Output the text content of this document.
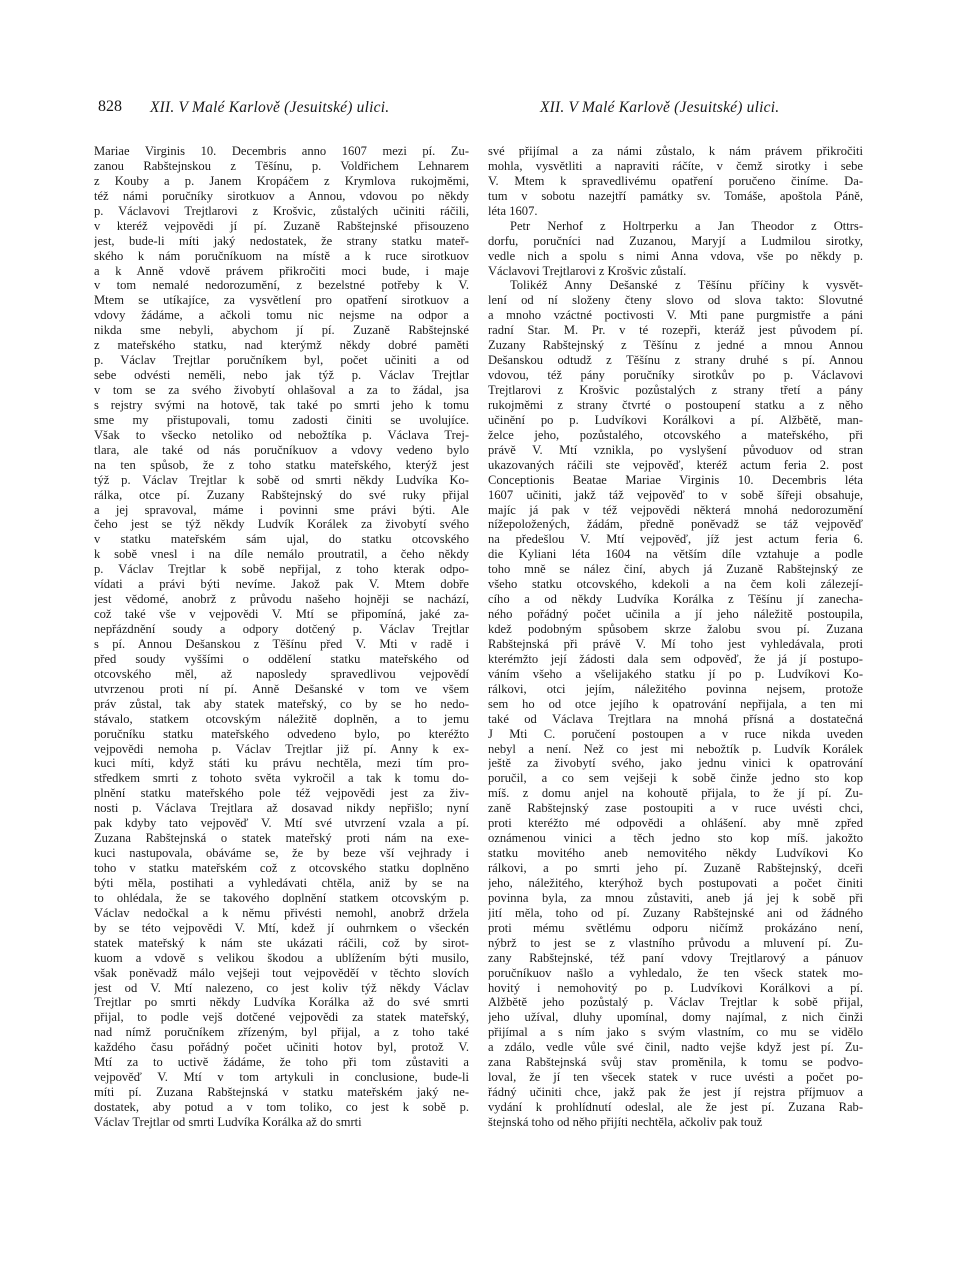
828 XII. V Malé Karlově (Jesuitské) ulici.	XII. V Malé Karlově (Jesuitské) ulici.
Mariae Virginis 10. Decembris anno 1607 mezi pí. Zu-
zanou Rabštejnskou z Těšínu, p. Voldřichem Lehnarem
z Kouby a p. Janem Kropáčem z Krymlova rukojměmi,
též námi poručníky sirotkuov a Annou, vdovou po někdy
p. Václavovi Trejtlarovi z Krošvic, zůstalých učiniti ráčili,
v kteréž vejpovědi jí pí. Zuzaně Rabštejnské přisouzeno
jest, bude-li míti jaký nedostatek, že strany statku mateř-
ského k nám poručníkuom na místě a k ruce sirotkuov
a k Anně vdově právem přikročiti moci bude, i maje
v tom nemalé nedorozumění, z bezelstné potřeby k V.
Mtem se utíkajíce, za vysvětlení pro opatření sirotkuov a
vdovy žádáme, a ačkoli tomu nic nejsme na odpor a
nikda sme nebyli, abychom jí pí. Zuzaně Rabštejnské
z mateřského statku, nad kterýmž někdy dobré paměti
p. Václav Trejtlar poručníkem byl, počet učiniti a od
sebe odvésti neměli, nebo jak týž p. Václav Trejtlar
v tom se za svého živobytí ohlašoval a za to žádal, jsa
s rejstry svými na hotově, tak také po smrti jeho k tomu
sme my přistupovali, tomu zadosti činiti se uvolujíce.
Však to všecko netoliko od nebožtíka p. Václava Trej-
tlara, ale také od nás poručníkuov a vdovy vedeno bylo
na ten spůsob, že z toho statku mateřského, kterýž jest
týž p. Václav Trejtlar k sobě od smrti někdy Ludvíka Ko-
rálka, otce pí. Zuzany Rabštejnský do své ruky přijal
a jej spravoval, máme i povinni sme právi býti. Ale
čeho jest se týž někdy Ludvík Korálek za živobytí svého
v statku mateřském sám ujal, do statku otcovského
k sobě vnesl i na díle nemálo proutratil, a čeho někdy
p. Václav Trejtlar k sobě nepřijal, z toho kterak odpo-
vídati a právi býti nevíme. Jakož pak V. Mtem dobře
jest vědomé, anobrž z průvodu našeho hojněji se nachází,
což také vše v vejpovědi V. Mtí se připomíná, jaké za-
nepřázdnění soudy a odpory dotčený p. Václav Trejtlar
s pí. Annou Dešanskou z Těšínu před V. Mti v radě i
před soudy vyššími o oddělení statku mateřského od
otcovského měl, až naposledy spravedlivou vejpovědí
utvrzenou proti ní pí. Anně Dešanské v tom ve všem
práv zůstal, tak aby statek mateřský, co by se ho nedo-
stávalo, statkem otcovským náležitě doplněn, a to jemu
poručníku statku mateřského odvedeno bylo, po kteréžto
vejpovědi nemoha p. Václav Trejtlar již pí. Anny k ex-
kuci míti, když státi ku právu nechtěla, mezi tím pro-
středkem smrti z tohoto světa vykročil a tak k tomu do-
plnění statku mateřského pole též vejpovědi jest za živ-
nosti p. Václava Trejtlara až dosavad nikdy nepřišlo; nyní
pak kdyby tato vejpověď V. Mtí své utvrzení vzala a pí.
Zuzana Rabštejnská o statek mateřský proti nám na exe-
kuci nastupovala, obáváme se, že by beze vší vejhrady i
toho v statku mateřském což z otcovského statku doplněno
býti měla, postihati a vyhledávati chtěla, aniž by se na
to ohlédala, že se takového doplnění statkem otcovským p.
Václav nedočkal a k němu přivésti nemohl, anobrž držela
by se této vejpovědi V. Mtí, kdež jí ouhrnkem o všeckén
statek mateřský k nám ste ukázati ráčili, což by sirot-
kuom a vdově s velikou škodou a ublížením býti musilo,
však poněvadž málo vejšeji tout vejpověděí v těchto slovích
jest od V. Mtí nalezeno, co jest koliv týž někdy Václav
Trejtlar po smrti někdy Ludvíka Korálka až do své smrti
přijal, to podle vejš dotčené vejpovědi za statek mateřský,
nad nímž poručníkem zřízeným, byl přijal, a z toho také
každého času pořádný počet učiniti hotov byl, protož V.
Mtí za to uctivě žádáme, že toho při tom zůstaviti a
vejpověď V. Mtí v tom artykuli in conclusione, bude-li
míti pí. Zuzana Rabštejnská v statku mateřském jaký ne-
dostatek, aby potud a v tom toliko, co jest k sobě p.
Václav Trejtlar od smrti Ludvíka Korálka až do smrti
své přijímal a za námi zůstalo, k nám právem přikročiti
mohla, vysvětliti a napraviti ráčíte, v čemž sirotky i sebe
V. Mtem k spravedlivému opatření poručeno činíme. Da-
tum v sobotu nazejtří památky sv. Tomáše, apoštola Páně,
léta 1607.
Petr Nerhof z Holtrperku a Jan Theodor z Ottrs-
dorfu, poručníci nad Zuzanou, Maryjí a Ludmilou sirotky,
vedle nich a spolu s nimi Anna vdova, vše po někdy p.
Václavovi Trejtlarovi z Krošvic zůstalí.
Tolikéž Anny Dešanské z Těšínu příčiny k vysvět-
lení od ní složeny čteny slovo od slova takto: Slovutné
a mnoho vzáctné poctivosti V. Mti pane purgmistře a páni
radní Star. M. Pr. v té rozepři, kteráž jest původem pí.
Zuzany Rabštejnský z Těšínu z jedné a mnou Annou
Dešanskou odtudž z Těšínu z strany druhé s pí. Annou
vdovou, též pány poručníky sirotkův po p. Václavovi
Trejtlarovi z Krošvic pozůstalých z strany třetí a pány
rukojměmi z strany čtvrté o postoupení statku a z něho
učinění po p. Ludvíkovi Korálkovi a pí. Alžbětě, man-
želce jeho, pozůstalého, otcovského a mateřského, při
právě V. Mtí vznikla, po vyslyšení původuov od stran
ukazovaných ráčili ste vejpověď, kteréž actum feria 2. post
Conceptionis Beatae Mariae Virginis 10. Decembris léta
1607 učiniti, jakž táž vejpověď to v sobě šířeji obsahuje,
majíc já pak v též vejpovědi některá mnohá nedorozumění
nížepoložených, žádám, předně poněvadž se táž vejpověď
na předešlou V. Mtí vejpověď, jíž jest actum feria 6.
die Kyliani léta 1604 na větším díle vztahuje a podle
toho mně se nález činí, abych já Zuzaně Rabštejnský ze
všeho statku otcovského, kdekoli a na čem koli zálezejí-
cího a od někdy Ludvíka Korálka z Těšínu jí zanecha-
ného pořádný počet učinila a jí jeho náležitě postoupila,
kdež podobným spůsobem skrze žalobu svou pí. Zuzana
Rabštejnská při právě V. Mí toho jest vyhledávala, proti
kterémžto její žádosti dala sem odpověď, že já jí postupo-
váním všeho a všelijakého statku jí po p. Ludvíkovi Ko-
rálkovi, otci jejím, náležitého povinna nejsem, protože
sem ho od otce jejího k opatrování nepřijala, a ten mi
také od Václava Trejtlara na mnohá přísná a dostatečná
J Mti C. poručení postoupen a v ruce nikda uveden
nebyl a není. Než co jest mi nebožtík p. Ludvík Korálek
ještě za živobytí svého, jako jednu vinici k opatrování
poručil, a co sem vejšeji k sobě činže jedno sto kop
míš. z domu anjel na kohoutě přijala, to že jí pí. Zu-
zaně Rabštejnský zase postoupiti a v ruce uvésti chci,
proti kteréžto mé odpovědi a ohlášení. aby mně zpřed
oznámenou vinici a těch jedno sto kop míš. jakožto
statku movitého aneb nemovitého někdy Ludvíkovi Ko
rálkovi, a po smrti jeho pí. Zuzaně Rabštejnský, dceři
jeho, náležitého, kterýhož bych postupovati a počet činiti
povinna byla, za mnou zůstaviti, aneb já jej k sobě při
jití měla, toho od pí. Zuzany Rabštejnské ani od žádného
proti mému světlému odporu ničímž prokázáno není,
nýbrž to jest se z vlastního průvodu a mluvení pí. Zu-
zany Rabštejnské, též paní vdovy Trejtlarový a pánuov
poručníkuov našlo a vyhledalo, že ten všeck statek mo-
hovitý i nemohovitý po p. Ludvíkovi Korálkovi a pí.
Alžbětě jeho pozůstalý p. Václav Trejtlar k sobě přijal,
jeho užíval, dluhy upomínal, domy najímal, z nich činži
přijímal a s ním jako s svým vlastním, co mu se vidělo
a zdálo, vedle vůle své činil, nadto vejše když jest pí. Zu-
zana Rabštejnská svůj stav proměnila, k tomu se podvo-
loval, že jí ten všecek statek v ruce uvésti a počet po-
řádný učiniti chce, jakž pak že jest jí rejstra příjmuov a
vydání k prohlídnutí odeslal, ale že jest pí. Zuzana Rab-
štejnská toho od něho přijíti nechtěla, ačkoliv pak touž
